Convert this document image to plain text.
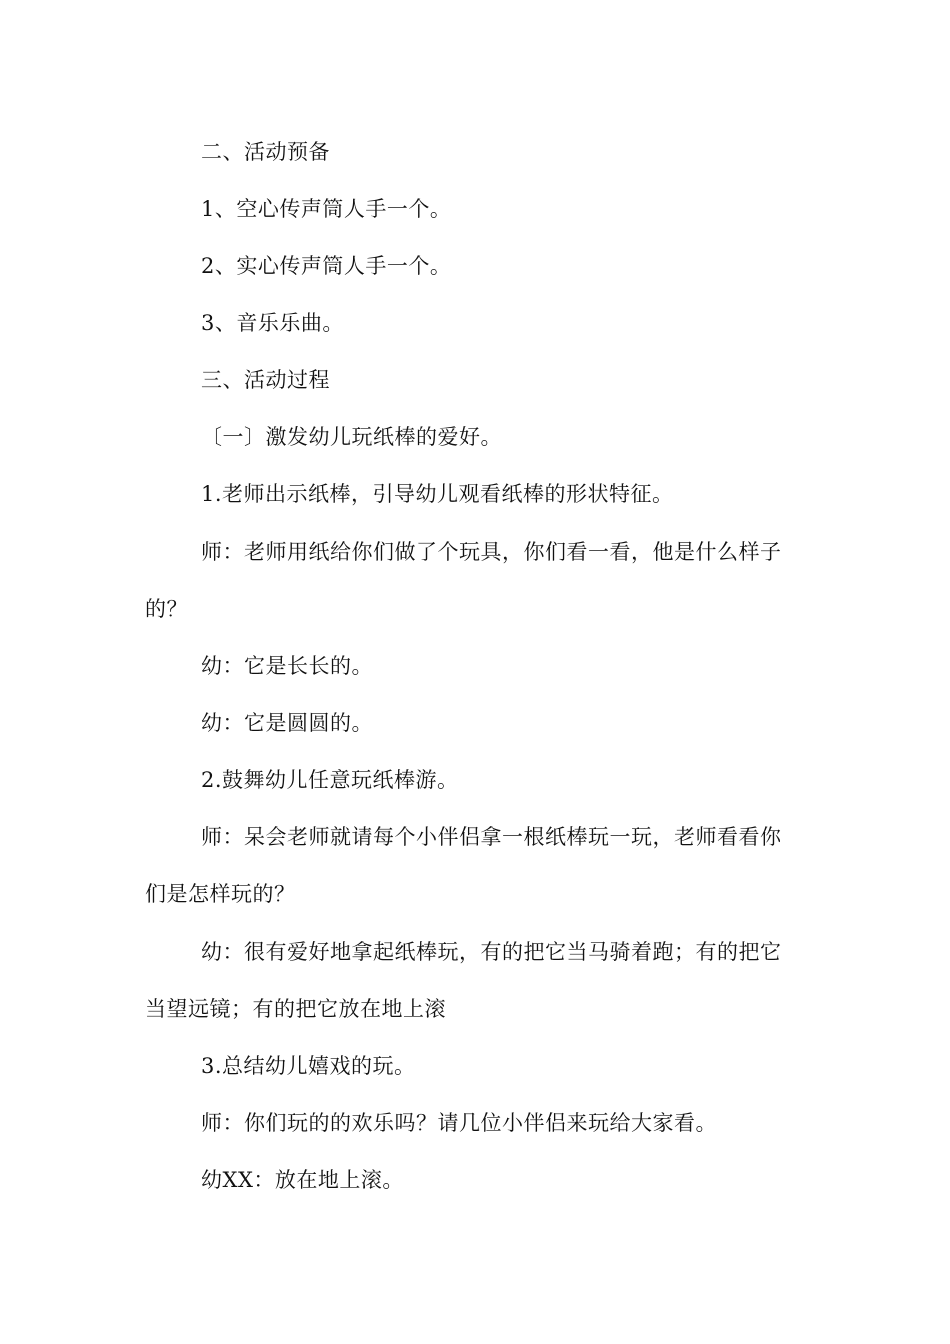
二、活动预备
1、空心传声筒人手一个。
2、实心传声筒人手一个。
3、音乐乐曲。
三、活动过程
〔一〕激发幼儿玩纸棒的爱好。
1.老师出示纸棒，引导幼儿观看纸棒的形状特征。
师：老师用纸给你们做了个玩具，你们看一看，他是什么样子
的？
幼：它是长长的。
幼：它是圆圆的。
2.鼓舞幼儿任意玩纸棒游。
师：呆会老师就请每个小伴侣拿一根纸棒玩一玩，老师看看你
们是怎样玩的？
幼：很有爱好地拿起纸棒玩，有的把它当马骑着跑；有的把它
当望远镜；有的把它放在地上滚
3.总结幼儿嬉戏的玩。
师：你们玩的的欢乐吗？请几位小伴侣来玩给大家看。
幼XX：放在地上滚。
